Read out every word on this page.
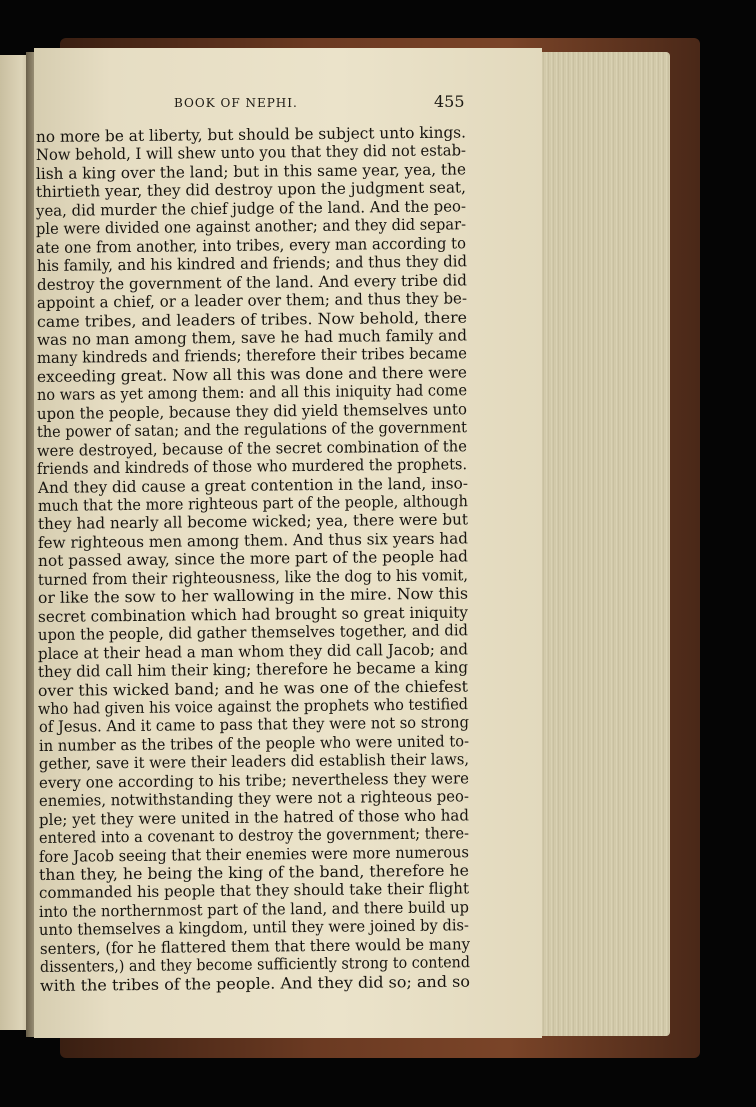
BOOK OF NEPHI.	455
no more be at liberty, but should be subject unto kings.
Now behold, I will shew unto you that they did not estab-
lish a king over the land; but in this same year, yea, the
thirtieth year, they did destroy upon the judgment seat,
yea, did murder the chief judge of the land. And the peo-
ple were divided one against another; and they did separ-
ate one from another, into tribes, every man according to
his family, and his kindred and friends; and thus they did
destroy the government of the land. And every tribe did
appoint a chief, or a leader over them; and thus they be-
came tribes, and leaders of tribes. Now behold, there
was no man among them, save he had much family and
many kindreds and friends; therefore their tribes became
exceeding great. Now all this was done and there were
no wars as yet among them: and all this iniquity had come
upon the people, because they did yield themselves unto
the power of satan; and the regulations of the government
were destroyed, because of the secret combination of the
friends and kindreds of those who murdered the prophets.
And they did cause a great contention in the land, inso-
much that the more righteous part of the people, although
they had nearly all become wicked; yea, there were but
few righteous men among them. And thus six years had
not passed away, since the more part of the people had
turned from their righteousness, like the dog to his vomit,
or like the sow to her wallowing in the mire. Now this
secret combination which had brought so great iniquity
upon the people, did gather themselves together, and did
place at their head a man whom they did call Jacob; and
they did call him their king; therefore he became a king
over this wicked band; and he was one of the chiefest
who had given his voice against the prophets who testified
of Jesus. And it came to pass that they were not so strong
in number as the tribes of the people who were united to-
gether, save it were their leaders did establish their laws,
every one according to his tribe; nevertheless they were
enemies, notwithstanding they were not a righteous peo-
ple; yet they were united in the hatred of those who had
entered into a covenant to destroy the government; there-
fore Jacob seeing that their enemies were more numerous
than they, he being the king of the band, therefore he
commanded his people that they should take their flight
into the northernmost part of the land, and there build up
unto themselves a kingdom, until they were joined by dis-
senters, (for he flattered them that there would be many
dissenters,) and they become sufficiently strong to contend
with the tribes of the people. And they did so; and so
